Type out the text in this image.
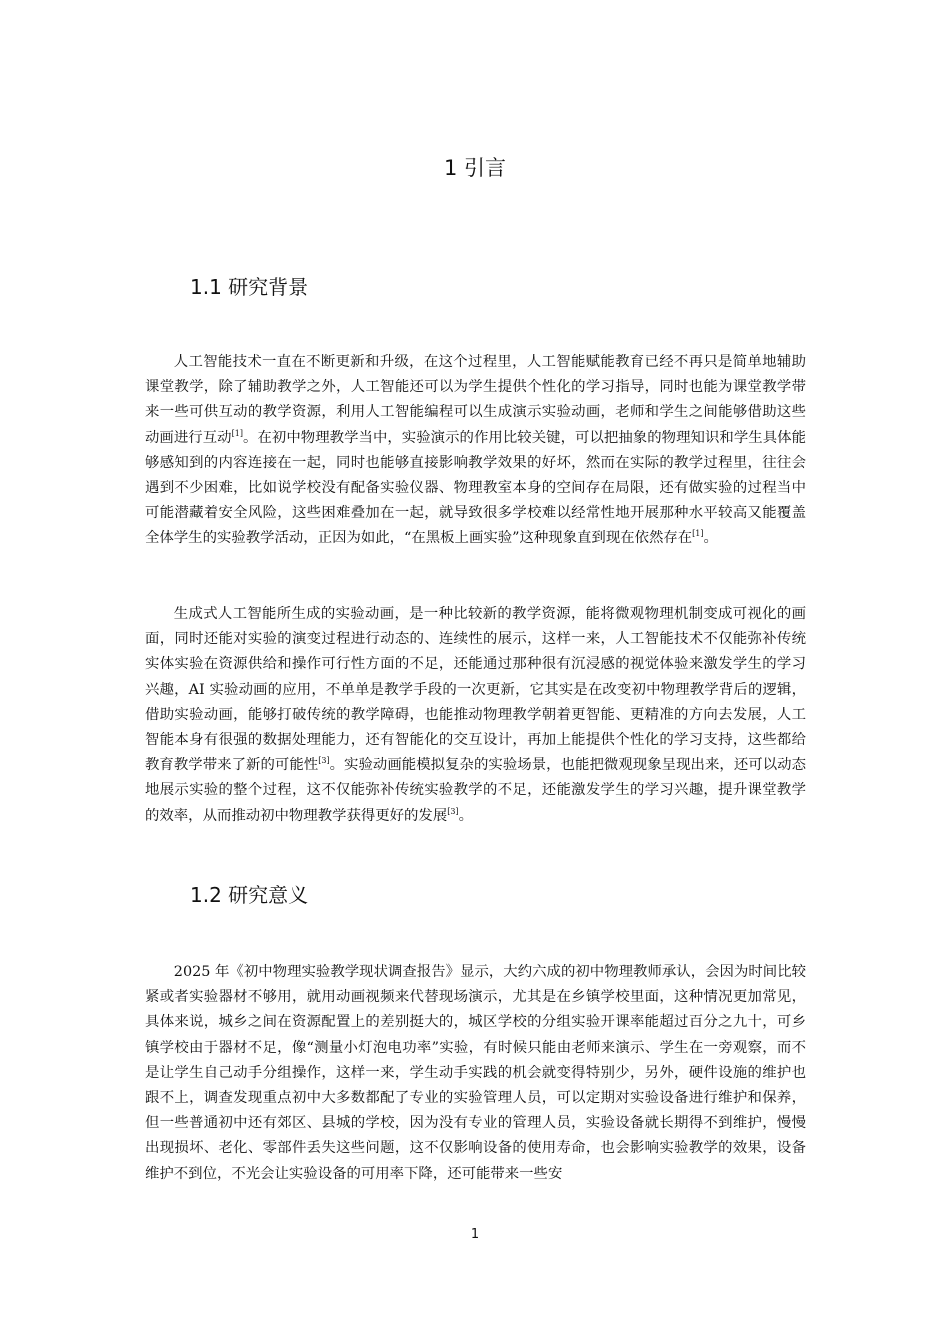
1 引言
1.1 研究背景

人工智能技术一直在不断更新和升级，在这个过程里，人工智能赋能教育已经不再只是简单地辅助课堂教学，除了辅助教学之外，人工智能还可以为学生提供个性化的学习指导，同时也能为课堂教学带来一些可供互动的教学资源，利用人工智能编程可以生成演示实验动画，老师和学生之间能够借助这些动画进行互动[1]。在初中物理教学当中，实验演示的作用比较关键，可以把抽象的物理知识和学生具体能够感知到的内容连接在一起，同时也能够直接影响教学效果的好坏，然而在实际的教学过程里，往往会遇到不少困难，比如说学校没有配备实验仪器、物理教室本身的空间存在局限，还有做实验的过程当中可能潜藏着安全风险，这些困难叠加在一起，就导致很多学校难以经常性地开展那种水平较高又能覆盖全体学生的实验教学活动，正因为如此，“在黑板上画实验”这种现象直到现在依然存在[1]。

生成式人工智能所生成的实验动画，是一种比较新的教学资源，能将微观物理机制变成可视化的画面，同时还能对实验的演变过程进行动态的、连续性的展示，这样一来，人工智能技术不仅能弥补传统实体实验在资源供给和操作可行性方面的不足，还能通过那种很有沉浸感的视觉体验来激发学生的学习兴趣，AI 实验动画的应用，不单单是教学手段的一次更新，它其实是在改变初中物理教学背后的逻辑，借助实验动画，能够打破传统的教学障碍，也能推动物理教学朝着更智能、更精准的方向去发展，人工智能本身有很强的数据处理能力，还有智能化的交互设计，再加上能提供个性化的学习支持，这些都给教育教学带来了新的可能性[3]。实验动画能模拟复杂的实验场景，也能把微观现象呈现出来，还可以动态地展示实验的整个过程，这不仅能弥补传统实验教学的不足，还能激发学生的学习兴趣，提升课堂教学的效率，从而推动初中物理教学获得更好的发展[3]。

1.2 研究意义

2025 年《初中物理实验教学现状调查报告》显示，大约六成的初中物理教师承认，会因为时间比较紧或者实验器材不够用，就用动画视频来代替现场演示，尤其是在乡镇学校里面，这种情况更加常见，具体来说，城乡之间在资源配置上的差别挺大的，城区学校的分组实验开课率能超过百分之九十，可乡镇学校由于器材不足，像“测量小灯泡电功率”实验，有时候只能由老师来演示、学生在一旁观察，而不是让学生自己动手分组操作，这样一来，学生动手实践的机会就变得特别少，另外，硬件设施的维护也跟不上，调查发现重点初中大多数都配了专业的实验管理人员，可以定期对实验设备进行维护和保养，但一些普通初中还有郊区、县城的学校，因为没有专业的管理人员，实验设备就长期得不到维护，慢慢出现损坏、老化、零部件丢失这些问题，这不仅影响设备的使用寿命，也会影响实验教学的效果，设备维护不到位，不光会让实验设备的可用率下降，还可能带来一些安

1
